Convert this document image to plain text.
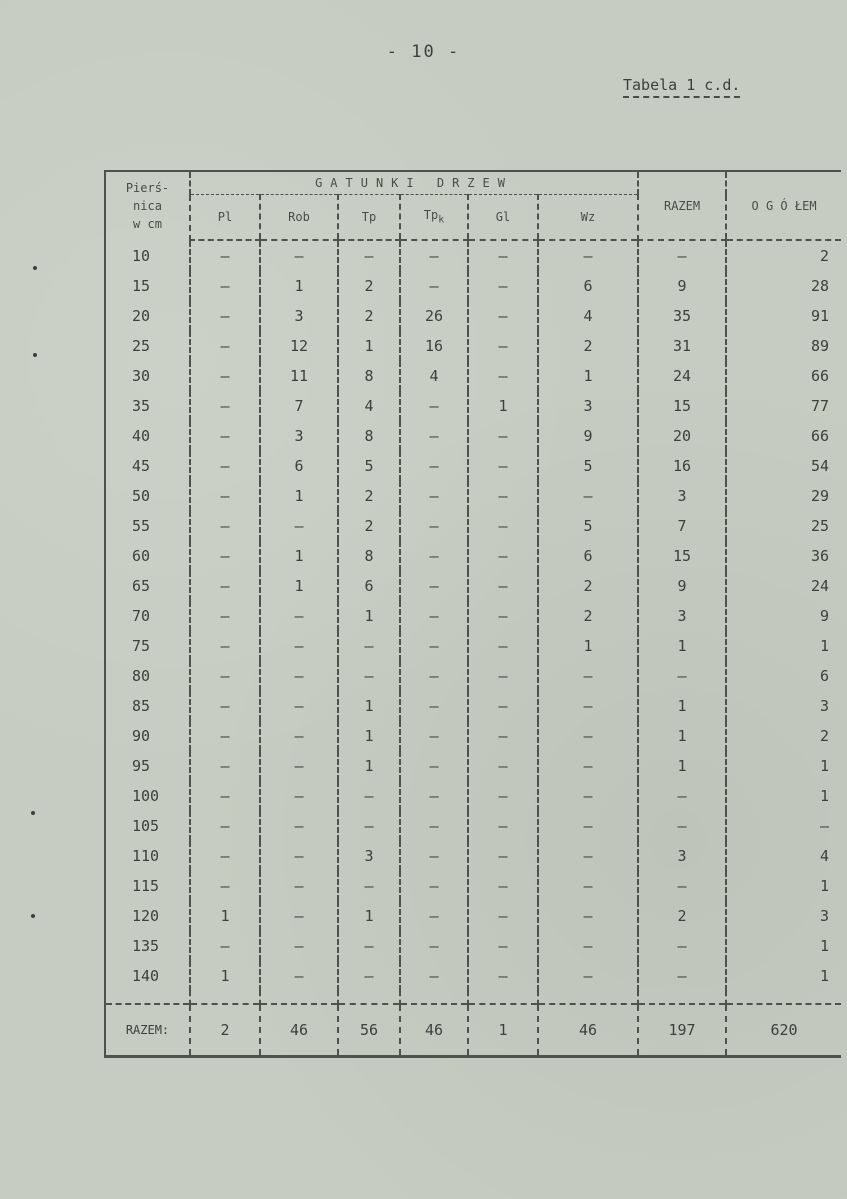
- 10 -
Tabela 1 c.d.
Pierś-
nica
w cm	GATUNKI DRZEW						RAZEM	O G Ó ŁEM
	Pl	Rob	Tp	$Tp_k$	Gl	Wz		
10	–	–	–	–	–	–	–	2
15	–	1	2	–	–	6	9	28
20	–	3	2	26	–	4	35	91
25	–	12	1	16	–	2	31	89
30	–	11	8	4	–	1	24	66
35	–	7	4	–	1	3	15	77
40	–	3	8	–	–	9	20	66
45	–	6	5	–	–	5	16	54
50	–	1	2	–	–	–	3	29
55	–	–	2	–	–	5	7	25
60	–	1	8	–	–	6	15	36
65	–	1	6	–	–	2	9	24
70	–	–	1	–	–	2	3	9
75	–	–	–	–	–	1	1	1
80	–	–	–	–	–	–	–	6
85	–	–	1	–	–	–	1	3
90	–	–	1	–	–	–	1	2
95	–	–	1	–	–	–	1	1
100	–	–	–	–	–	–	–	1
105	–	–	–	–	–	–	–	–
110	–	–	3	–	–	–	3	4
115	–	–	–	–	–	–	–	1
120	1	–	1	–	–	–	2	3
135	–	–	–	–	–	–	–	1
140	1	–	–	–	–	–	–	1

RAZEM:	2	46	56	46	1	46	197	620
